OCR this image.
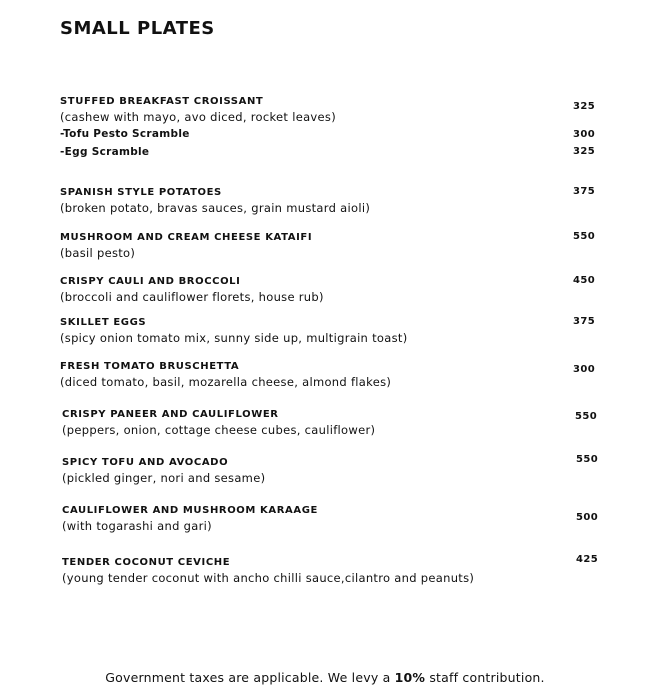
SMALL PLATES
STUFFED BREAKFAST CROISSANT
(cashew with mayo, avo diced, rocket leaves)
325
-Tofu Pesto Scramble	300
-Egg Scramble	325
SPANISH STYLE POTATOES
(broken potato, bravas sauces, grain mustard aioli)
375
MUSHROOM AND CREAM CHEESE KATAIFI
(basil pesto)
550
CRISPY CAULI AND BROCCOLI
(broccoli and cauliflower florets, house rub)
450
SKILLET EGGS
(spicy onion tomato mix, sunny side up, multigrain toast)
375
FRESH TOMATO BRUSCHETTA
(diced tomato, basil, mozarella cheese, almond flakes)
300
CRISPY PANEER AND CAULIFLOWER
(peppers, onion, cottage cheese cubes, cauliflower)
550
SPICY TOFU AND AVOCADO
(pickled ginger, nori and sesame)
550
CAULIFLOWER AND MUSHROOM KARAAGE
(with togarashi and gari)
500
TENDER COCONUT CEVICHE
(young tender coconut with ancho chilli sauce,cilantro and peanuts)
425
Government taxes are applicable. We levy a 10% staff contribution.
